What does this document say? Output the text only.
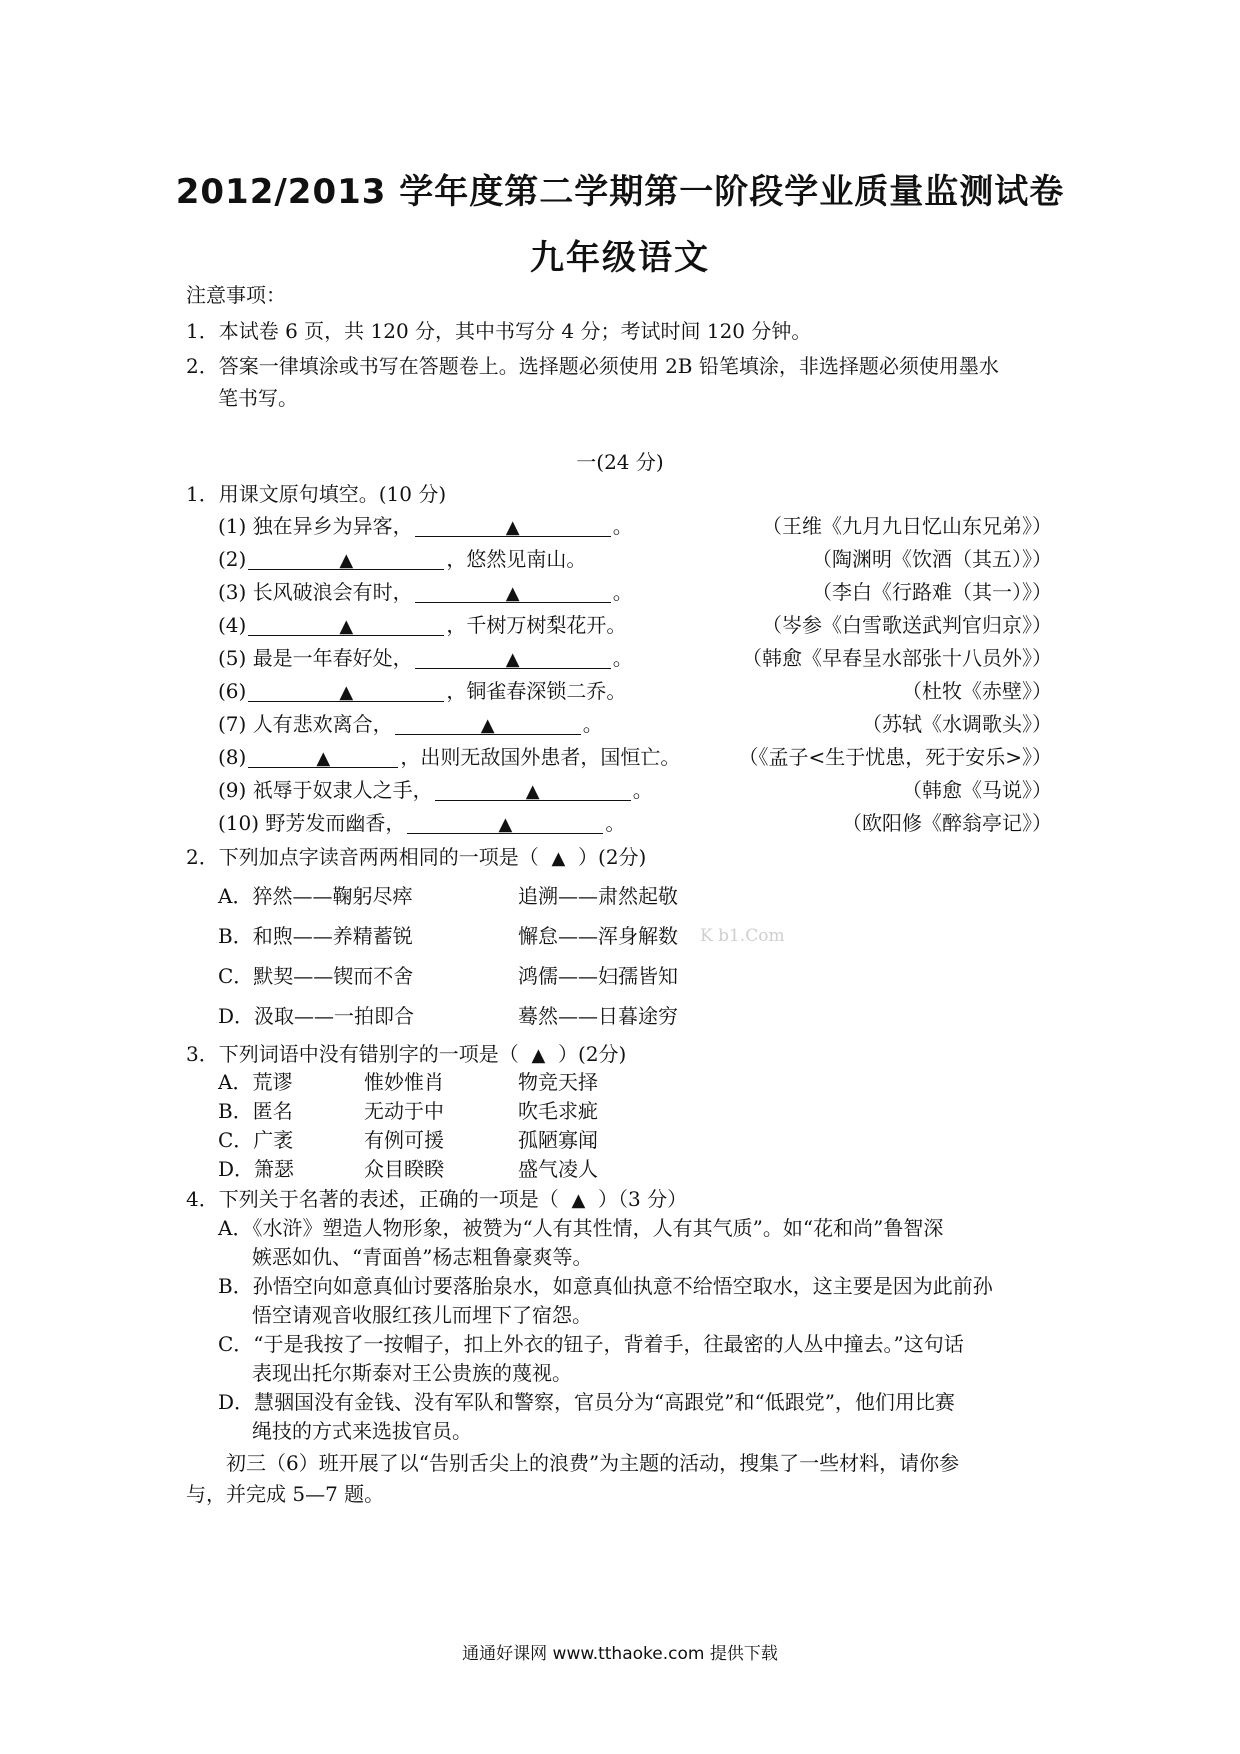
2012/2013 学年度第二学期第一阶段学业质量监测试卷
九年级语文
注意事项：
1．本试卷 6 页，共 120 分，其中书写分 4 分；考试时间 120 分钟。
2．答案一律填涂或书写在答题卷上。选择题必须使用 2B 铅笔填涂，非选择题必须使用墨水
笔书写。
一(24 分)
1．用课文原句填空。(10 分)
(1) 独在异乡为异客，	▲	。	（王维《九月九日忆山东兄弟》）
(2)	▲	，悠然见南山。	（陶渊明《饮酒（其五）》）
(3) 长风破浪会有时，	▲	。	（李白《行路难（其一）》）
(4)	▲	，千树万树梨花开。	（岑参《白雪歌送武判官归京》）
(5) 最是一年春好处，	▲	。	（韩愈《早春呈水部张十八员外》）
(6)	▲	，铜雀春深锁二乔。	（杜牧《赤壁》）
(7) 人有悲欢离合，	▲	。	（苏轼《水调歌头》）
(8)	▲	，出则无敌国外患者，国恒亡。	（《孟子<生于忧患，死于安乐>》）
(9) 祇辱于奴隶人之手，	▲	。	（韩愈《马说》）
(10) 野芳发而幽香，	▲	。	（欧阳修《醉翁亭记》）
2．下列加点字读音两两相同的一项是（ ▲ ）(2分)
A．猝然——鞠躬尽瘁	追溯——肃然起敬
B．和煦——养精蓄锐	懈怠——浑身解数 K b1.Com
C．默契——锲而不舍	鸿儒——妇孺皆知
D．汲取——一拍即合	蓦然——日暮途穷
3．下列词语中没有错别字的一项是（ ▲ ）(2分)
A．荒谬	惟妙惟肖	物竞天择
B．匿名	无动于中	吹毛求疵
C．广袤	有例可援	孤陋寡闻
D．箫瑟	众目睽睽	盛气凌人
4．下列关于名著的表述，正确的一项是（ ▲ ）（3 分）
A．《水浒》塑造人物形象，被赞为“人有其性情，人有其气质”。如“花和尚”鲁智深
嫉恶如仇、“青面兽”杨志粗鲁豪爽等。
B．孙悟空向如意真仙讨要落胎泉水，如意真仙执意不给悟空取水，这主要是因为此前孙
悟空请观音收服红孩儿而埋下了宿怨。
C．“于是我按了一按帽子，扣上外衣的钮子，背着手，往最密的人丛中撞去。”这句话
表现出托尔斯泰对王公贵族的蔑视。
D．慧骃国没有金钱、没有军队和警察，官员分为“高跟党”和“低跟党”，他们用比赛
绳技的方式来选拔官员。
初三（6）班开展了以“告别舌尖上的浪费”为主题的活动，搜集了一些材料，请你参
与，并完成 5—7 题。
通通好课网 www.tthaoke.com 提供下载
